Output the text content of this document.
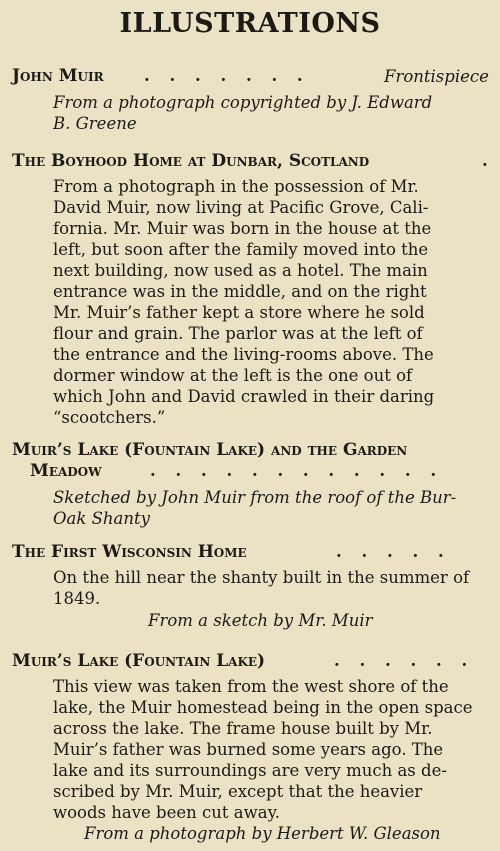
ILLUSTRATIONS
John Muir . . . . . . .	Frontispiece
From a photograph copyrighted by J. Edward
B. Greene
The Boyhood Home at Dunbar, Scotland	.
From a photograph in the possession of Mr.
David Muir, now living at Pacific Grove, Cali-
fornia. Mr. Muir was born in the house at the
left, but soon after the family moved into the
next building, now used as a hotel. The main
entrance was in the middle, and on the right
Mr. Muir’s father kept a store where he sold
flour and grain. The parlor was at the left of
the entrance and the living-rooms above. The
dormer window at the left is the one out of
which John and David crawled in their daring
“scootchers.”
Muir’s Lake (Fountain Lake) and the Garden
Meadow	. . . . . . . . . . . .
Sketched by John Muir from the roof of the Bur-
Oak Shanty
The First Wisconsin Home	. . . . .
On the hill near the shanty built in the summer of
1849.
From a sketch by Mr. Muir
Muir’s Lake (Fountain Lake)	. . . . . .
This view was taken from the west shore of the
lake, the Muir homestead being in the open space
across the lake. The frame house built by Mr.
Muir’s father was burned some years ago. The
lake and its surroundings are very much as de-
scribed by Mr. Muir, except that the heavier
woods have been cut away.
From a photograph by Herbert W. Gleason
